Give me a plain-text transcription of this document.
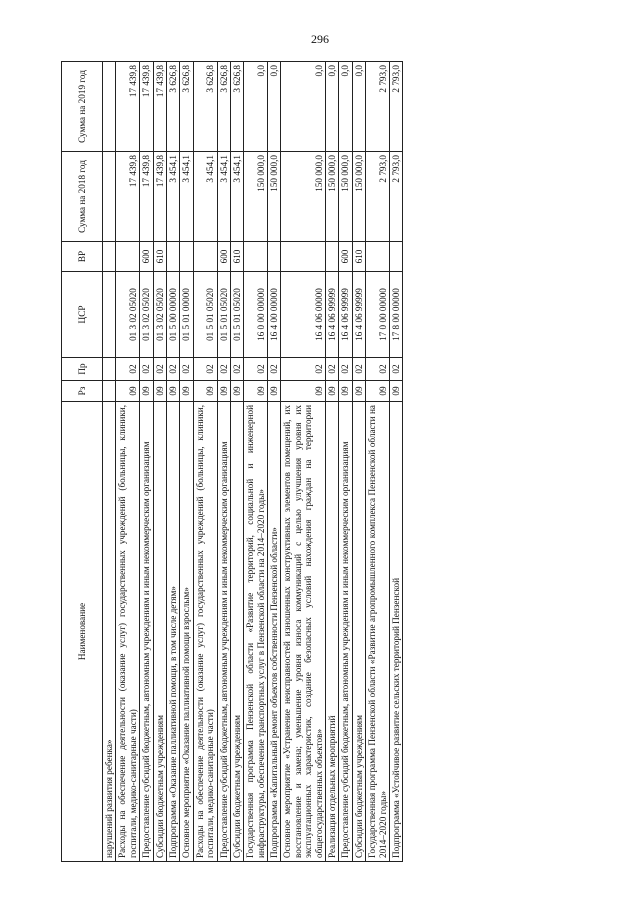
296
Наименование	Рз	Пр	ЦСР	ВР	Сумма на 2018 год	Сумма на 2019 год
нарушений развития ребенка»						
Расходы на обеспечение деятельности (оказание услуг) государственных учреждений (больницы, клиники, госпитали, медико-санитарные части)	09	02	01 3 02 05020		17 439,8	17 439,8
Предоставление субсидий бюджетным, автономным учреждениям и иным некоммерческим организациям	09	02	01 3 02 05020	600	17 439,8	17 439,8
Субсидии бюджетным учреждениям	09	02	01 3 02 05020	610	17 439,8	17 439,8
Подпрограмма «Оказание паллиативной помощи, в том числе детям»	09	02	01 5 00 00000		3 454,1	3 626,8
Основное мероприятие «Оказание паллиативной помощи взрослым»	09	02	01 5 01 00000		3 454,1	3 626,8
Расходы на обеспечение деятельности (оказание услуг) государственных учреждений (больницы, клиники, госпитали, медико-санитарные части)	09	02	01 5 01 05020		3 454,1	3 626,8
Предоставление субсидий бюджетным, автономным учреждениям и иным некоммерческим организациям	09	02	01 5 01 05020	600	3 454,1	3 626,8
Субсидии бюджетным учреждениям	09	02	01 5 01 05020	610	3 454,1	3 626,8
Государственная программа Пензенской области «Развитие территорий, социальной и инженерной инфраструктуры, обеспечение транспортных услуг в Пензенской области на 2014–2020 годы»	09	02	16 0 00 00000		150 000,0	0,0
Подпрограмма «Капитальный ремонт объектов собственности Пензенской области»	09	02	16 4 00 00000		150 000,0	0,0
Основное мероприятие «Устранение неисправностей изношенных конструктивных элементов помещений, их восстановление и замена; уменьшение уровня износа коммуникаций с целью улучшения уровня их эксплуатационных характеристик, создание безопасных условий нахождения граждан на территории общегосударственных объектов»	09	02	16 4 06 00000		150 000,0	0,0
Реализация отдельных мероприятий	09	02	16 4 06 99999		150 000,0	0,0
Предоставление субсидий бюджетным, автономным учреждениям и иным некоммерческим организациям	09	02	16 4 06 99999	600	150 000,0	0,0
Субсидии бюджетным учреждениям	09	02	16 4 06 99999	610	150 000,0	0,0
Государственная программа Пензенской области «Развитие агропромышленного комплекса Пензенской области на 2014–2020 годы»	09	02	17 0 00 00000		2 793,0	2 793,0
Подпрограмма «Устойчивое развитие сельских территорий Пензенской	09	02	17 8 00 00000		2 793,0	2 793,0
